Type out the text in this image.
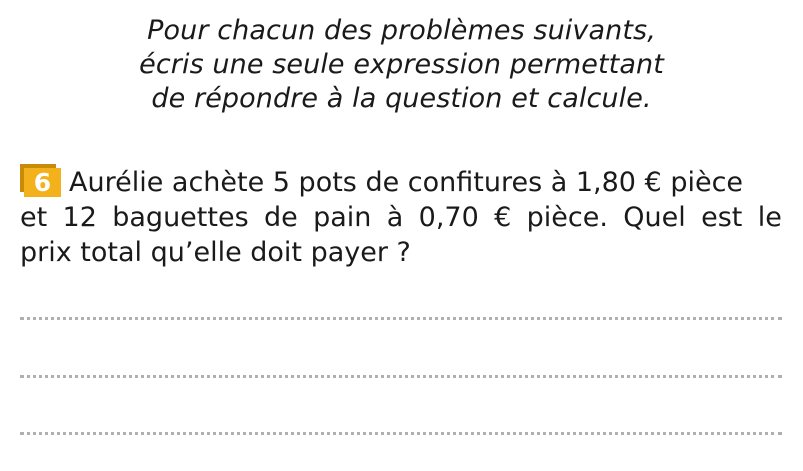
Pour chacun des problèmes suivants,
écris une seule expression permettant
de répondre à la question et calcule.
6 Aurélie achète 5 pots de confitures à 1,80 € pièce
et 12 baguettes de pain à 0,70 € pièce. Quel est le
prix total qu’elle doit payer ?
